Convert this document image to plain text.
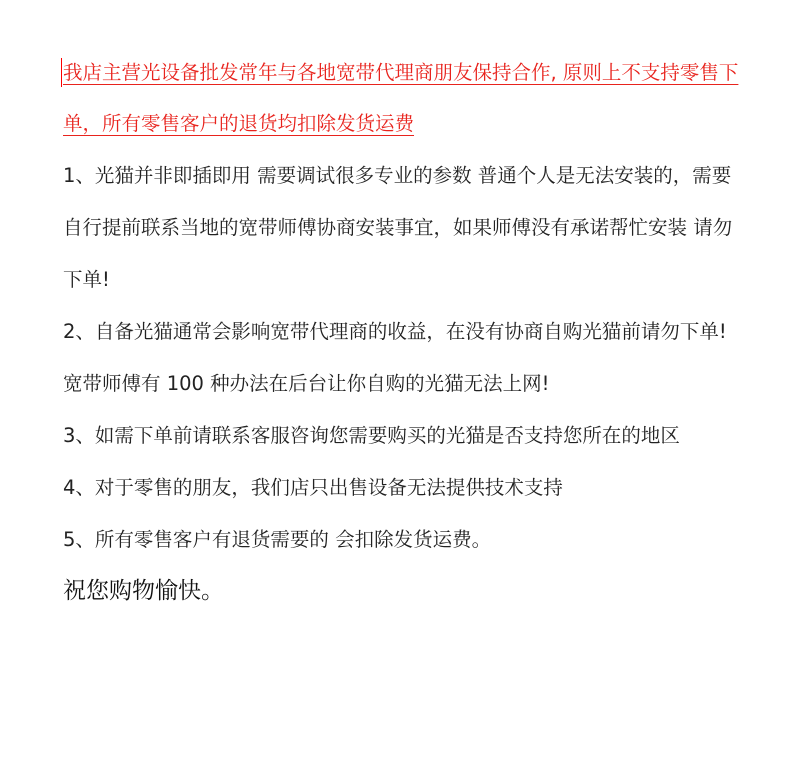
我店主营光设备批发常年与各地宽带代理商朋友保持合作, 原则上不支持零售下

单，所有零售客户的退货均扣除发货运费

1、光猫并非即插即用 需要调试很多专业的参数 普通个人是无法安装的，需要

自行提前联系当地的宽带师傅协商安装事宜，如果师傅没有承诺帮忙安装 请勿

下单!

2、自备光猫通常会影响宽带代理商的收益，在没有协商自购光猫前请勿下单!

宽带师傅有 100 种办法在后台让你自购的光猫无法上网!

3、如需下单前请联系客服咨询您需要购买的光猫是否支持您所在的地区

4、对于零售的朋友，我们店只出售设备无法提供技术支持

5、所有零售客户有退货需要的 会扣除发货运费。

祝您购物愉快。
